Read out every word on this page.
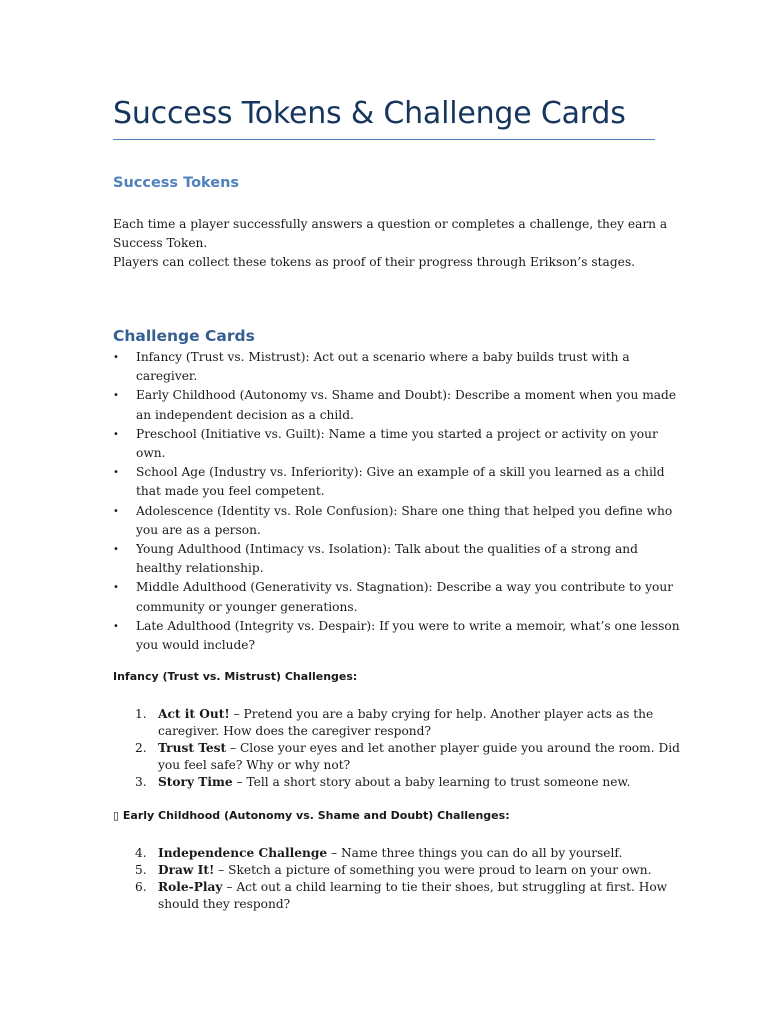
Success Tokens & Challenge Cards
Success Tokens

Each time a player successfully answers a question or completes a challenge, they earn a

Success Token.

Players can collect these tokens as proof of their progress through Erikson’s stages.

Challenge Cards
•	Infancy (Trust vs. Mistrust): Act out a scenario where a baby builds trust with a
caregiver.
•	Early Childhood (Autonomy vs. Shame and Doubt): Describe a moment when you made
an independent decision as a child.
•	Preschool (Initiative vs. Guilt): Name a time you started a project or activity on your
own.
•	School Age (Industry vs. Inferiority): Give an example of a skill you learned as a child
that made you feel competent.
•	Adolescence (Identity vs. Role Confusion): Share one thing that helped you define who
you are as a person.
•	Young Adulthood (Intimacy vs. Isolation): Talk about the qualities of a strong and
healthy relationship.
•	Middle Adulthood (Generativity vs. Stagnation): Describe a way you contribute to your
community or younger generations.
•	Late Adulthood (Integrity vs. Despair): If you were to write a memoir, what’s one lesson
you would include?
Infancy (Trust vs. Mistrust) Challenges:
1. Act it Out! – Pretend you are a baby crying for help. Another player acts as the
caregiver. How does the caregiver respond?
2. Trust Test – Close your eyes and let another player guide you around the room. Did
you feel safe? Why or why not?
3. Story Time – Tell a short story about a baby learning to trust someone new.
▯ Early Childhood (Autonomy vs. Shame and Doubt) Challenges:
4. Independence Challenge – Name three things you can do all by yourself.
5. Draw It! – Sketch a picture of something you were proud to learn on your own.
6. Role-Play – Act out a child learning to tie their shoes, but struggling at first. How
should they respond?
